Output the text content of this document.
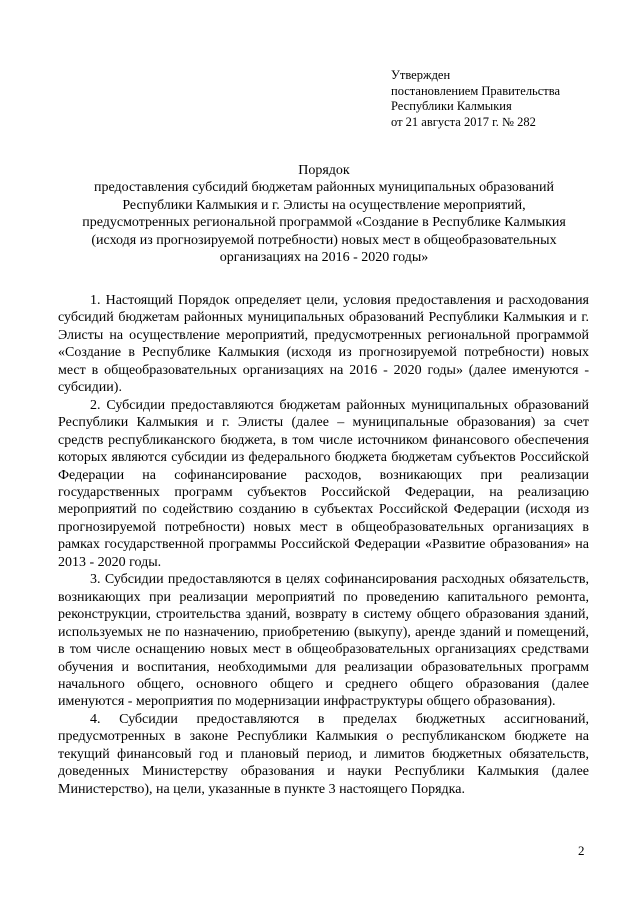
Утвержден
постановлением Правительства
Республики Калмыкия
от 21 августа 2017 г. № 282
Порядок
предоставления субсидий бюджетам районных муниципальных образований
Республики Калмыкия и г. Элисты на осуществление мероприятий,
предусмотренных региональной программой «Создание в Республике Калмыкия
(исходя из прогнозируемой потребности) новых мест в общеобразовательных
организациях на 2016 - 2020 годы»

1. Настоящий Порядок определяет цели, условия предоставления и расходования субсидий бюджетам районных муниципальных образований Республики Калмыкия и г. Элисты на осуществление мероприятий, предусмотренных региональной программой «Создание в Республике Калмыкия (исходя из прогнозируемой потребности) новых мест в общеобразовательных организациях на 2016 - 2020 годы» (далее именуются - субсидии).

2. Субсидии предоставляются бюджетам районных муниципальных образований Республики Калмыкия и г. Элисты (далее – муниципальные образования) за счет средств республиканского бюджета, в том числе источником финансового обеспечения которых являются субсидии из федерального бюджета бюджетам субъектов Российской Федерации на софинансирование расходов, возникающих при реализации государственных программ субъектов Российской Федерации, на реализацию мероприятий по содействию созданию в субъектах Российской Федерации (исходя из прогнозируемой потребности) новых мест в общеобразовательных организациях в рамках государственной программы Российской Федерации «Развитие образования» на 2013 - 2020 годы.

3. Субсидии предоставляются в целях софинансирования расходных обязательств, возникающих при реализации мероприятий по проведению капитального ремонта, реконструкции, строительства зданий, возврату в систему общего образования зданий, используемых не по назначению, приобретению (выкупу), аренде зданий и помещений, в том числе оснащению новых мест в общеобразовательных организациях средствами обучения и воспитания, необходимыми для реализации образовательных программ начального общего, основного общего и среднего общего образования (далее именуются - мероприятия по модернизации инфраструктуры общего образования).

4. Субсидии предоставляются в пределах бюджетных ассигнований, предусмотренных в законе Республики Калмыкия о республиканском бюджете на текущий финансовый год и плановый период, и лимитов бюджетных обязательств, доведенных Министерству образования и науки Республики Калмыкия (далее Министерство), на цели, указанные в пункте 3 настоящего Порядка.

2
